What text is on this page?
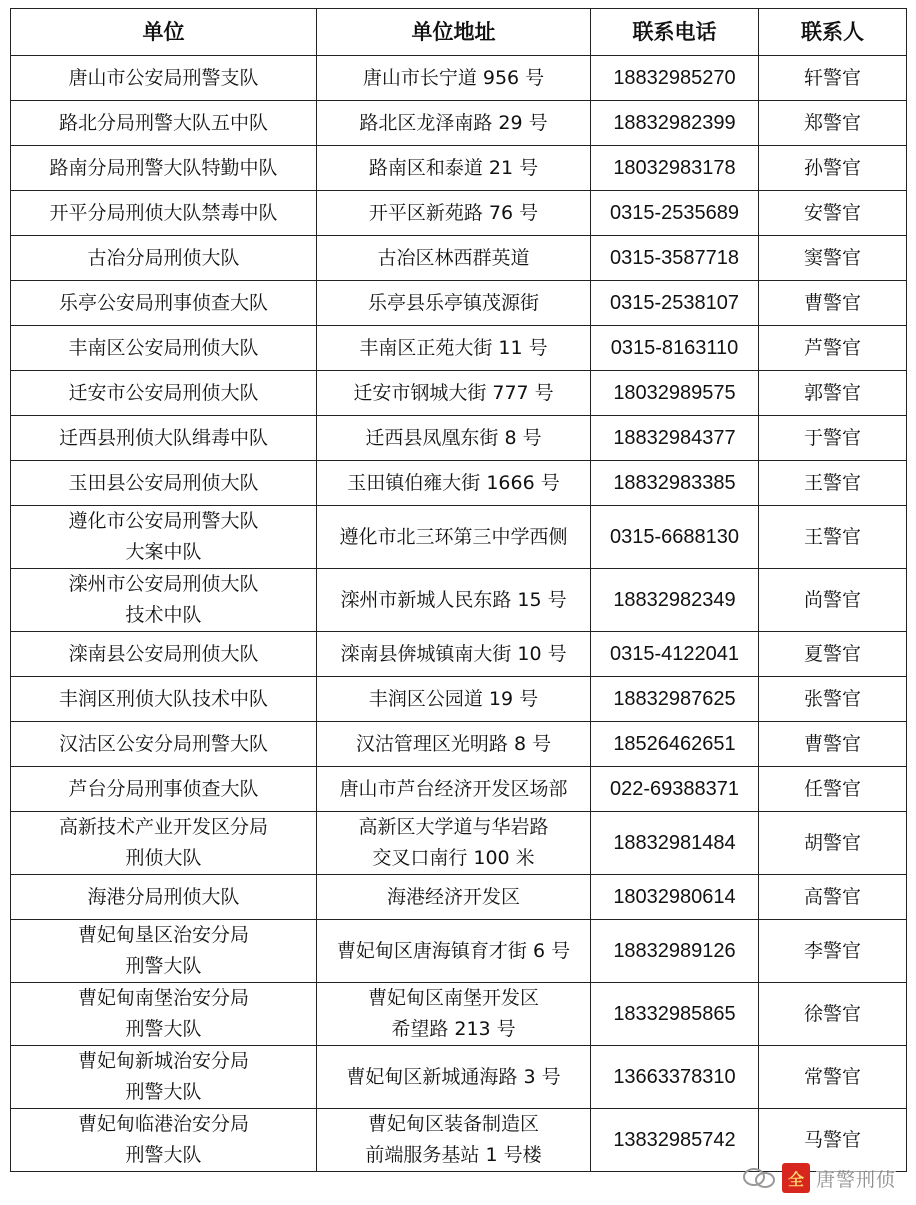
单位	单位地址	联系电话	联系人

唐山市公安局刑警支队	唐山市长宁道 956 号	18832985270	轩警官

路北分局刑警大队五中队	路北区龙泽南路 29 号	18832982399	郑警官

路南分局刑警大队特勤中队	路南区和泰道 21 号	18032983178	孙警官

开平分局刑侦大队禁毒中队	开平区新苑路 76 号	0315-2535689	安警官

古冶分局刑侦大队	古冶区林西群英道	0315-3587718	窦警官

乐亭公安局刑事侦查大队	乐亭县乐亭镇茂源街	0315-2538107	曹警官

丰南区公安局刑侦大队	丰南区正苑大街 11 号	0315-8163110	芦警官

迁安市公安局刑侦大队	迁安市钢城大街 777 号	18032989575	郭警官

迁西县刑侦大队缉毒中队	迁西县凤凰东街 8 号	18832984377	于警官

玉田县公安局刑侦大队	玉田镇伯雍大街 1666 号	18832983385	王警官

遵化市公安局刑警大队
大案中队	遵化市北三环第三中学西侧	0315-6688130	王警官

滦州市公安局刑侦大队
技术中队	滦州市新城人民东路 15 号	18832982349	尚警官

滦南县公安局刑侦大队	滦南县倴城镇南大街 10 号	0315-4122041	夏警官

丰润区刑侦大队技术中队	丰润区公园道 19 号	18832987625	张警官

汉沽区公安分局刑警大队	汉沽管理区光明路 8 号	18526462651	曹警官

芦台分局刑事侦查大队	唐山市芦台经济开发区场部	022-69388371	任警官

高新技术产业开发区分局
刑侦大队	高新区大学道与华岩路
交叉口南行 100 米	18832981484	胡警官

海港分局刑侦大队	海港经济开发区	18032980614	高警官

曹妃甸垦区治安分局
刑警大队	曹妃甸区唐海镇育才街 6 号	18832989126	李警官

曹妃甸南堡治安分局
刑警大队	曹妃甸区南堡开发区
希望路 213 号	18332985865	徐警官

曹妃甸新城治安分局
刑警大队	曹妃甸区新城通海路 3 号	13663378310	常警官

曹妃甸临港治安分局
刑警大队	曹妃甸区装备制造区
前端服务基站 1 号楼	13832985742	马警官
全 唐警刑侦
